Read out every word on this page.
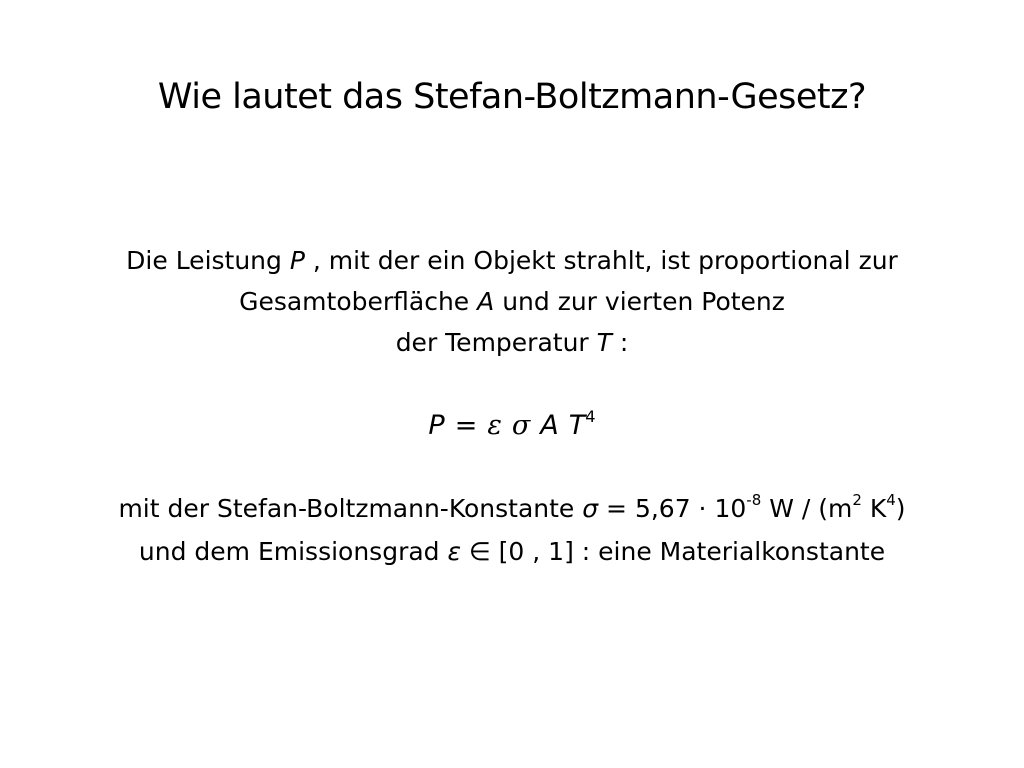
Wie lautet das Stefan-Boltzmann-Gesetz?
Die Leistung P , mit der ein Objekt strahlt, ist proportional zur
Gesamtoberfläche A und zur vierten Potenz
der Temperatur T :
P = ε σ A $T^4$
mit der Stefan-Boltzmann-Konstante $\sigma = 5,67 \cdot 10^{-8}$ W / ($m^2$ $K^4$)
und dem Emissionsgrad ε ∈ [0 , 1] : eine Materialkonstante
